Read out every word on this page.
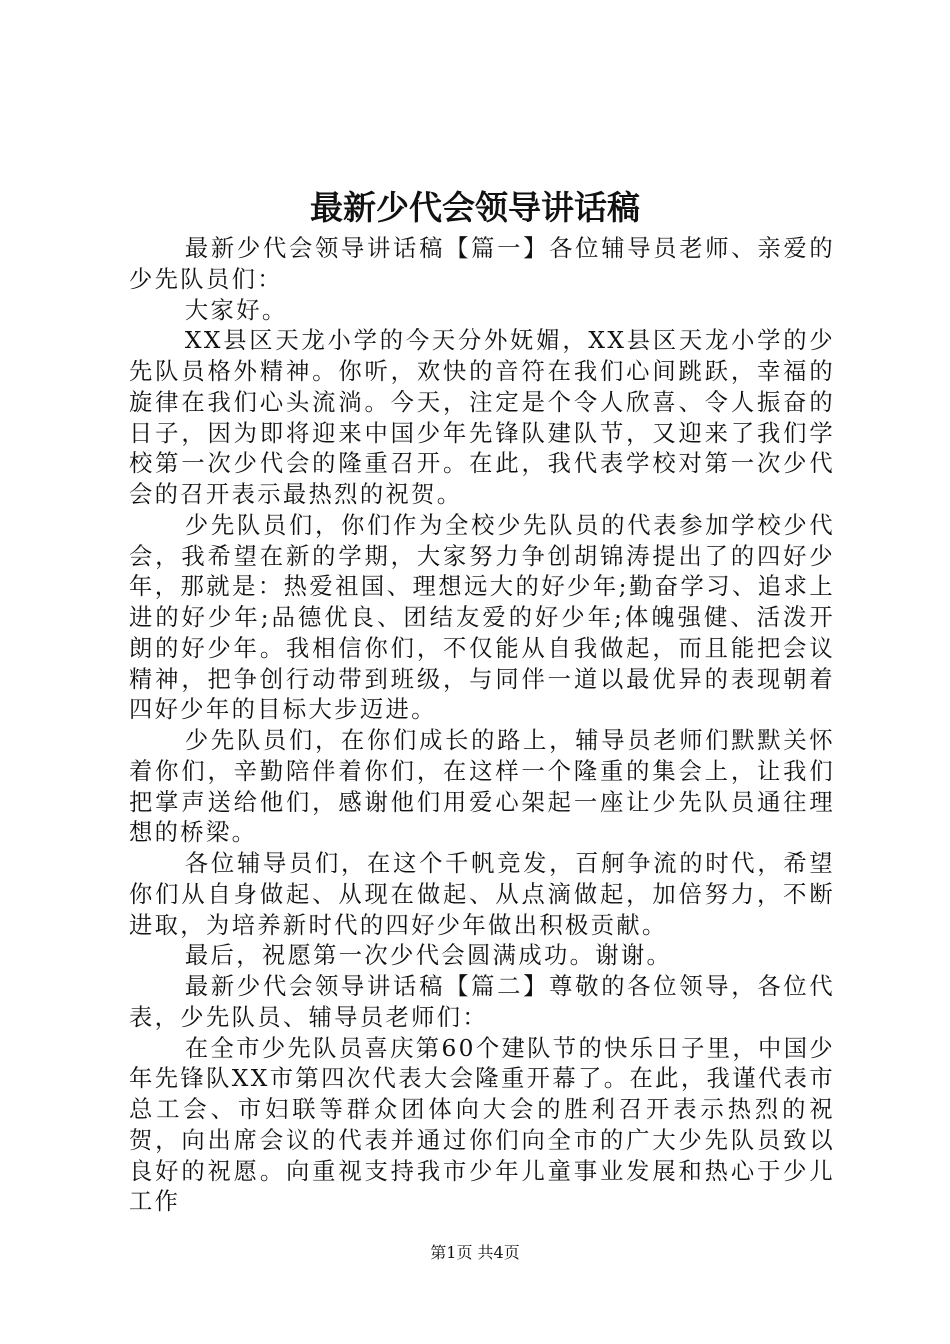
最新少代会领导讲话稿

最新少代会领导讲话稿【篇一】各位辅导员老师、亲爱的少先队员们：

大家好。

XX县区天龙小学的今天分外妩媚，XX县区天龙小学的少先队员格外精神。你听，欢快的音符在我们心间跳跃，幸福的旋律在我们心头流淌。今天，注定是个令人欣喜、令人振奋的日子，因为即将迎来中国少年先锋队建队节，又迎来了我们学校第一次少代会的隆重召开。在此，我代表学校对第一次少代会的召开表示最热烈的祝贺。

少先队员们，你们作为全校少先队员的代表参加学校少代会，我希望在新的学期，大家努力争创胡锦涛提出了的四好少年，那就是：热爱祖国、理想远大的好少年;勤奋学习、追求上进的好少年;品德优良、团结友爱的好少年;体魄强健、活泼开朗的好少年。我相信你们，不仅能从自我做起，而且能把会议精神，把争创行动带到班级，与同伴一道以最优异的表现朝着四好少年的目标大步迈进。

少先队员们，在你们成长的路上，辅导员老师们默默关怀着你们，辛勤陪伴着你们，在这样一个隆重的集会上，让我们把掌声送给他们，感谢他们用爱心架起一座让少先队员通往理想的桥梁。

各位辅导员们，在这个千帆竞发，百舸争流的时代，希望你们从自身做起、从现在做起、从点滴做起，加倍努力，不断进取，为培养新时代的四好少年做出积极贡献。

最后，祝愿第一次少代会圆满成功。谢谢。

最新少代会领导讲话稿【篇二】尊敬的各位领导，各位代表，少先队员、辅导员老师们：

在全市少先队员喜庆第60个建队节的快乐日子里，中国少年先锋队XX市第四次代表大会隆重开幕了。在此，我谨代表市总工会、市妇联等群众团体向大会的胜利召开表示热烈的祝贺，向出席会议的代表并通过你们向全市的广大少先队员致以良好的祝愿。向重视支持我市少年儿童事业发展和热心于少儿工作

第1页 共4页
